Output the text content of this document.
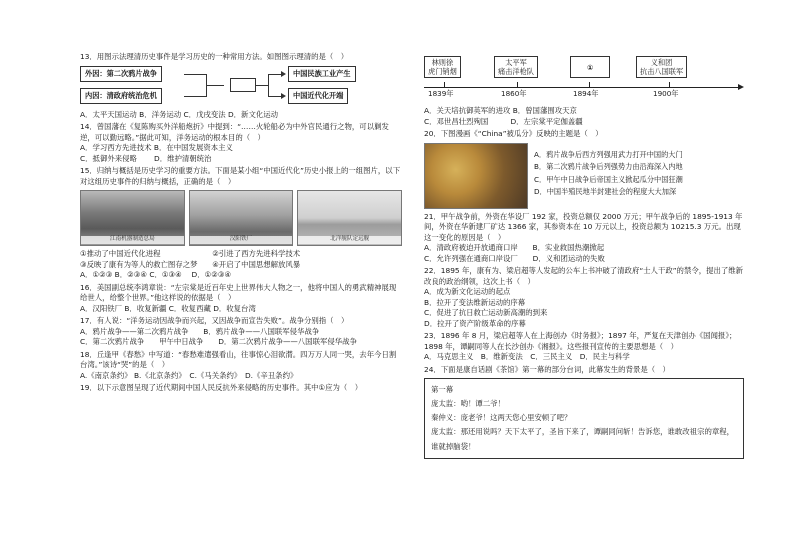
13．用图示法理清历史事件是学习历史的一种常用方法。如图图示理清的是（　）
外因：第二次鸦片战争
内因：清政府统治危机
中国民族工业产生
中国近代化开端
A．太平天国运动 B．洋务运动 C．戊戌变法 D．新文化运动
14．曾国藩在《复陈购买外洋船炮折》中提到：“……火轮船必为中外官民通行之物，可以剿发逆，可以勤远略。”据此可知，洋务运动的根本目的（　）
A．学习西方先进技术 B．在中国发展资本主义
C．抵御外来侵略　　 D．维护清朝统治
15．归纳与概括是历史学习的重要方法。下面是某小组“中国近代化”历史小报上的一组图片，以下对这组历史事件的归纳与概括，正确的是（　）
江南机器制造总局	汉阳铁厂	北洋舰队定远舰
①推动了中国近代化进程　　　　　　　②引进了西方先进科学技术
③反映了康有为等人的救亡图存之梦　　④开启了中国思想解放风暴
A．①②③ B．②③④ C．①③④　 D．①②③④
16．美国副总统李鸿章说：“左宗棠是近百年史上世界伟大人物之一，他将中国人的勇武精神展现给世人，给整个世界。”他这样说的依据是（　）
A．汉阳铁厂 B．收复新疆 C．收复西藏 D．收复台湾
17．有人说：“洋务运动因战争而兴起，又因战争而宣告失败”。战争分别指（　）
A．鸦片战争——第二次鸦片战争　　B．鸦片战争——八国联军侵华战争
C．第二次鸦片战争　　甲午中日战争　　D．第二次鸦片战争——八国联军侵华战争
18．丘逢甲《春愁》中写道：“春愁难遣强看山，往事惊心泪欲潸。四万万人同一哭，去年今日割台湾。”该诗“哭”的是（　）
A.《南京条约》 B.《北京条约》　C.《马关条约》　D.《辛丑条约》
19．以下示意图呈现了近代期间中国人民反抗外来侵略的历史事件。其中①应为（　）
林则徐
虎门销烟
太平军
痛击洋枪队	①
义和团
抗击八国联军
1839年	1860年	1894年	1900年
A．关天培抗御英军的进攻 B．曾国藩围攻天京
C．邓世昌壮烈殉国　　　D．左宗棠平定伽盖疆
20．下图漫画《“China”被瓜分》反映的主题是（　）
A．鸦片战争后西方列强用武力打开中国的大门
B．第二次鸦片战争后列强势力由沿海深入内地
C．甲午中日战争后帝国主义掀起瓜分中国狂潮
D．中国半殖民地半封建社会的程度大大加深
21．甲午战争前，外资在华设厂 192 家，投资总额仅 2000 万元；甲午战争后的 1895-1913 年间，外资在华新建厂矿达 1366 家，其参资本在 10 万元以上，投资总额为 10215.3 万元。出现这一变化的原因是（　）
A．清政府被迫开放通商口岸　　B．实业救国热潮掀起
C．允许列强在通商口岸设厂　　D．义和团运动的失败
22．1895 年，康有为、梁启超等人发起的公车上书冲破了清政府“士人干政”的禁令，提出了维新改良的政治纲领，这次上书（　）
A．成为新文化运动的起点
B．拉开了变法维新运动的序幕
C．促进了抗日救亡运动新高潮的到来
D．拉开了资产阶级革命的序幕
23．1896 年 8 月，梁启超等人在上海创办《时务报》；1897 年，严复在天津创办《国闻报》；1898 年，谭嗣同等人在长沙创办《湘报》。这些报刊宣传的主要思想是（　）
A．马克思主义　B．维新变法　C．三民主义　D．民主与科学
24．下面是康自话剧《茶馆》第一幕的部分台词，此幕发生的背景是（　）
第一幕
庞太监：哟！谭二爷！
秦仲义：庞老爷！这两天您心里安顿了吧？
庞太监：那还用说吗？天下太平了，圣旨下来了，谭嗣同问斩！告诉您，谁敢改祖宗的章程，
谁就掉脑袋！
